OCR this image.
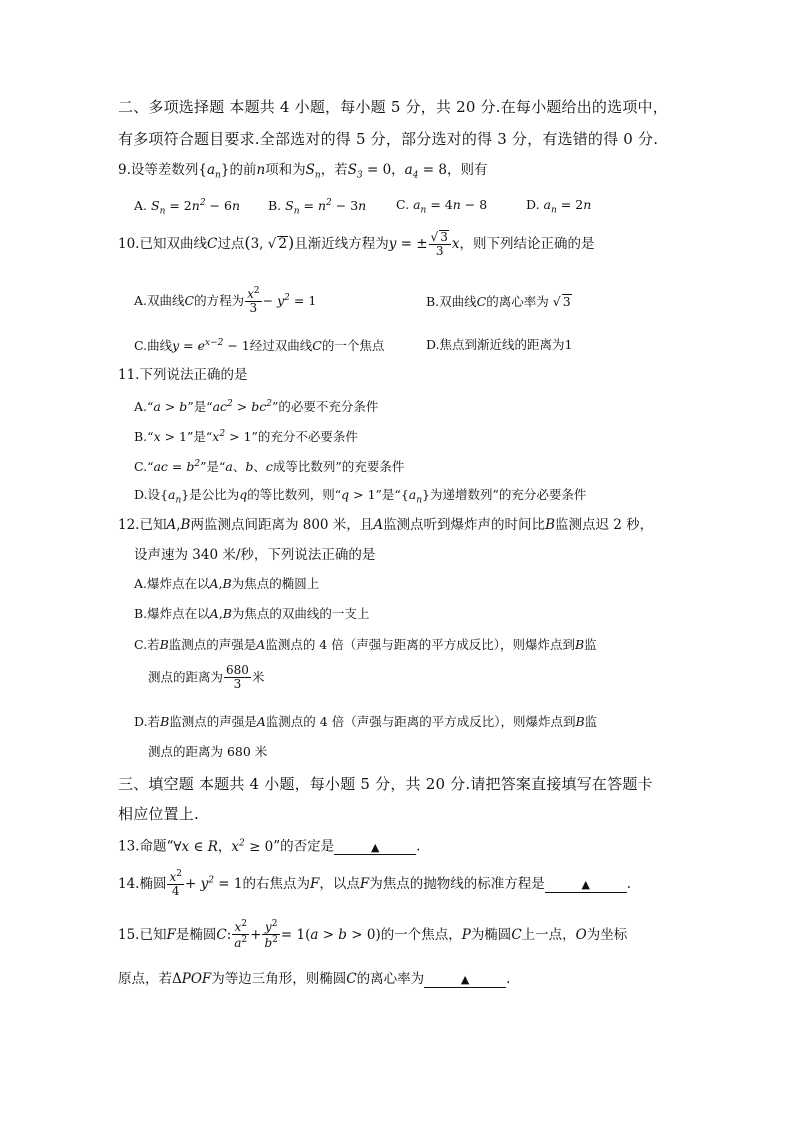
二、多项选择题 本题共 4 小题，每小题 5 分，共 20 分.在每小题给出的选项中，
有多项符合题目要求.全部选对的得 5 分，部分选对的得 3 分，有选错的得 0 分.
9.设等差数列$\{a_n\}$的前n项和为$S_n$，若$S_3 = 0$，$a_4 = 8$，则有
A. $S_n = 2n^2 - 6n$ B. $S_n = n^2 - 3n$ C. $a_n = 4n - 8$	D. $a_n = 2n$
10.已知双曲线C过点(3, √ 2)且渐近线方程为y = ± $\frac{√ 3}{3}$ x，则下列结论正确的是
A.双曲线C的方程为 $\frac{x^2}{3} - y^2 = 1$	B.双曲线C的离心率为 √ 3
C.曲线$y = e^{x-2} - 1$经过双曲线C的一个焦点	D.焦点到渐近线的距离为1
11.下列说法正确的是
A.“a > b”是“$ac^2 > bc^2$”的必要不充分条件
B.“x > 1”是“$x^2 > 1$”的充分不必要条件
C.“ac = $b^2$”是“a、b、c成等比数列”的充要条件
D.设$\{a_n\}$是公比为q的等比数列，则“q > 1”是“$\{a_n\}$为递增数列”的充分必要条件
12.已知A,B两监测点间距离为 800 米，且A监测点听到爆炸声的时间比B监测点迟 2 秒，
设声速为 340 米/秒，下列说法正确的是
A.爆炸点在以A,B为焦点的椭圆上
B.爆炸点在以A,B为焦点的双曲线的一支上
C.若B监测点的声强是A监测点的 4 倍（声强与距离的平方成反比），则爆炸点到B监
测点的距离为 $\frac{680}{3}$ 米
D.若B监测点的声强是A监测点的 4 倍（声强与距离的平方成反比），则爆炸点到B监
测点的距离为 680 米
三、填空题 本题共 4 小题，每小题 5 分，共 20 分.请把答案直接填写在答题卡
相应位置上.
13.命题“∀x ∈ R，$x^2 \ge 0$”的否定是	▲	.
14.椭圆 $\frac{x^2}{4} + y^2 = 1$的右焦点为F，以点F为焦点的抛物线的标准方程是	▲	.
15.已知F是椭圆C: $\frac{x^2}{a^2} + \frac{y^2}{b^2} = 1(a > b > 0)$的一个焦点，P为椭圆C上一点，O为坐标
原点，若ΔPOF为等边三角形，则椭圆C的离心率为	▲	.
